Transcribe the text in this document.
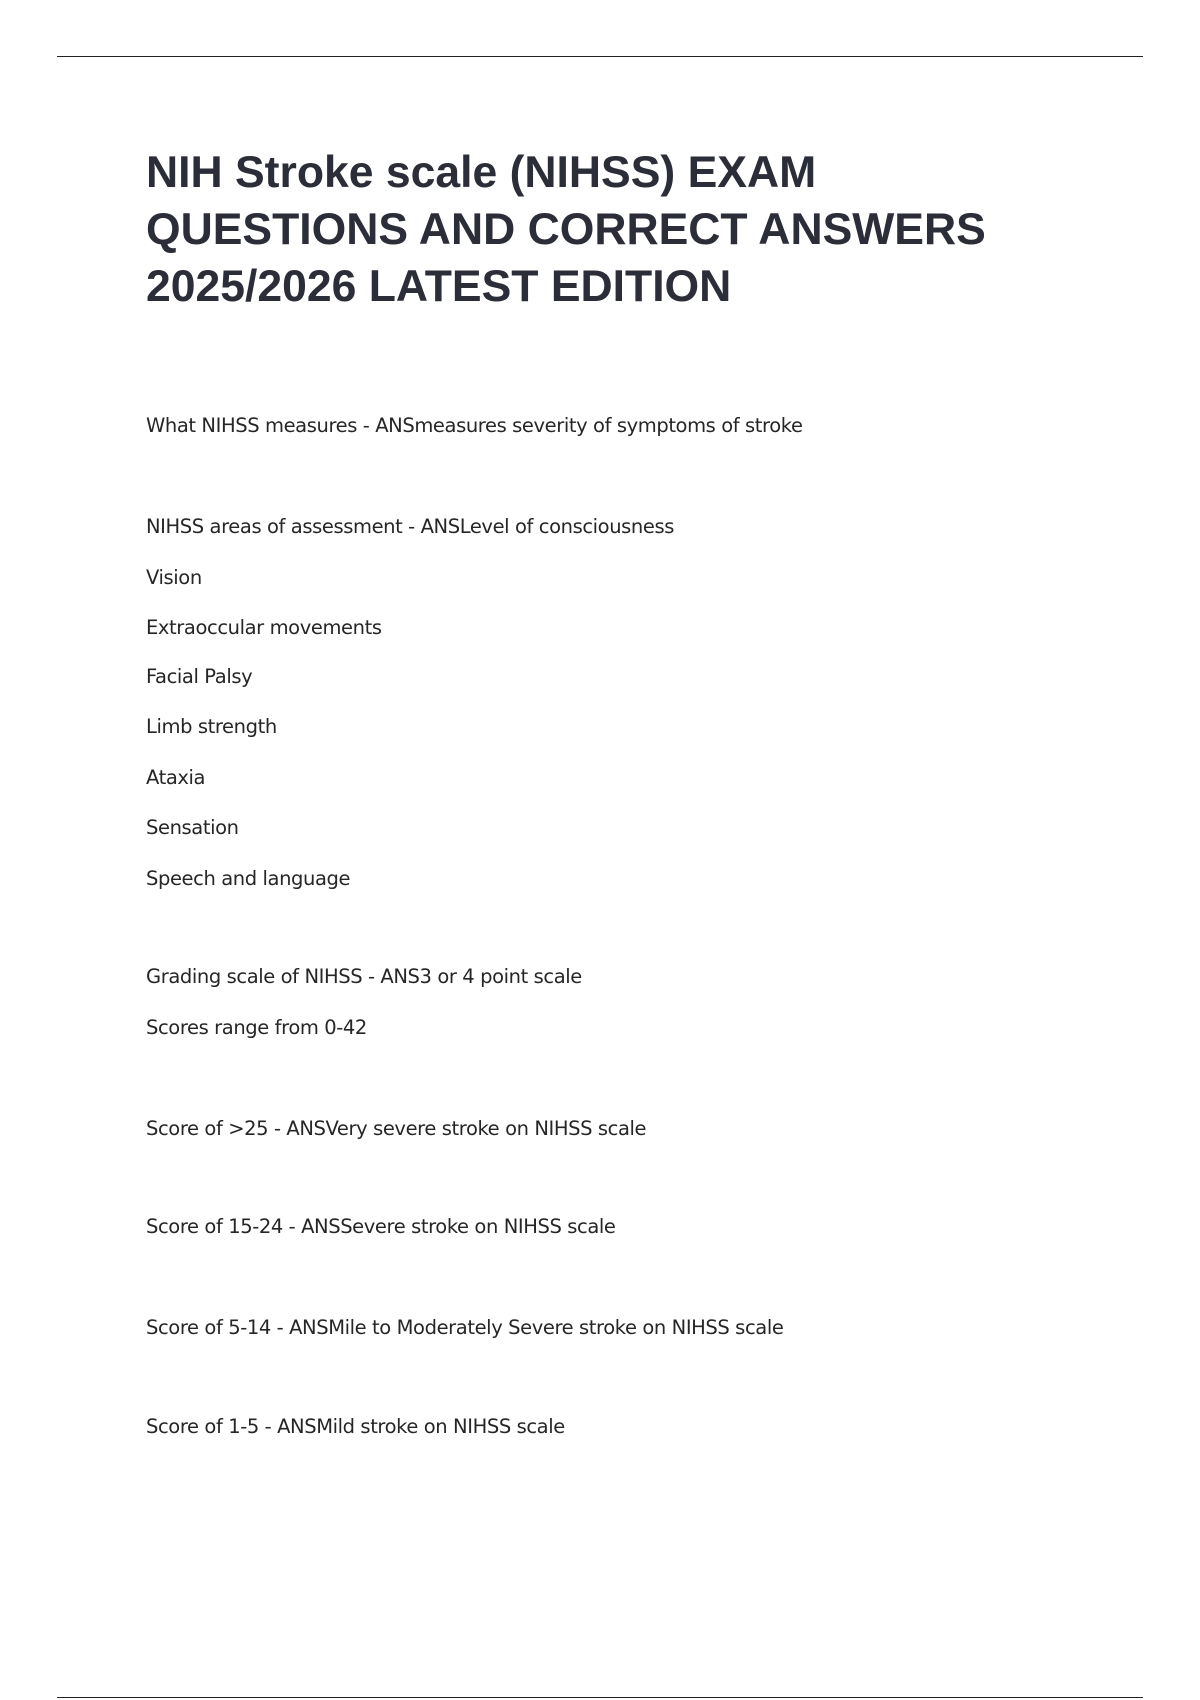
NIH Stroke scale (NIHSS) EXAM
QUESTIONS AND CORRECT ANSWERS
2025/2026 LATEST EDITION
What NIHSS measures - ANSmeasures severity of symptoms of stroke
NIHSS areas of assessment - ANSLevel of consciousness
Vision
Extraoccular movements
Facial Palsy
Limb strength
Ataxia
Sensation
Speech and language
Grading scale of NIHSS - ANS3 or 4 point scale
Scores range from 0-42
Score of >25 - ANSVery severe stroke on NIHSS scale
Score of 15-24 - ANSSevere stroke on NIHSS scale
Score of 5-14 - ANSMile to Moderately Severe stroke on NIHSS scale
Score of 1-5 - ANSMild stroke on NIHSS scale
